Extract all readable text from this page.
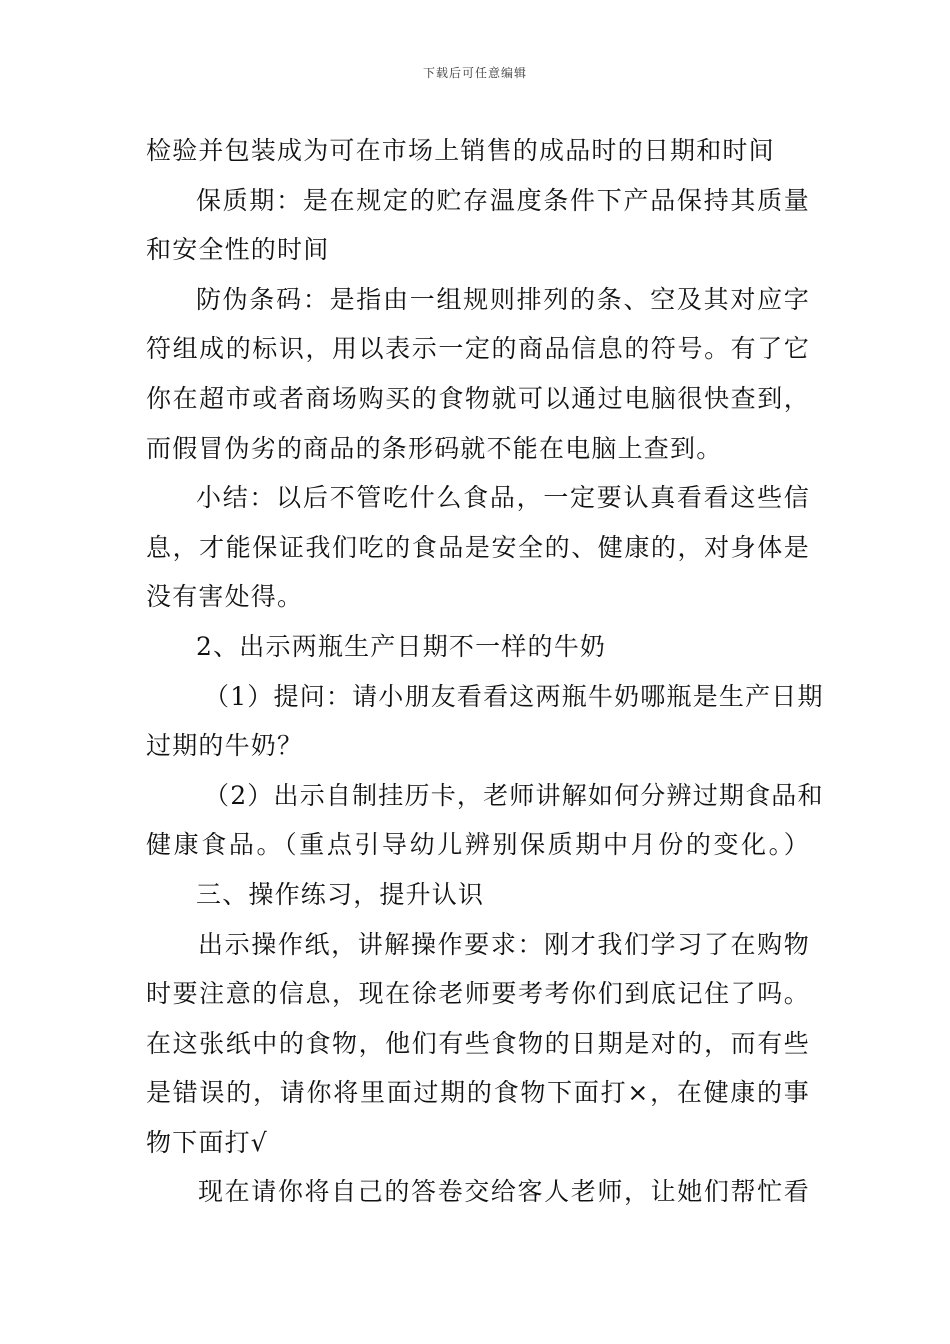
下载后可任意编辑
检验并包装成为可在市场上销售的成品时的日期和时间
保质期：是在规定的贮存温度条件下产品保持其质量
和安全性的时间
防伪条码：是指由一组规则排列的条、空及其对应字
符组成的标识，用以表示一定的商品信息的符号。有了它
你在超市或者商场购买的食物就可以通过电脑很快查到，
而假冒伪劣的商品的条形码就不能在电脑上查到。
小结：以后不管吃什么食品，一定要认真看看这些信
息，才能保证我们吃的食品是安全的、健康的，对身体是
没有害处得。
2、出示两瓶生产日期不一样的牛奶
（1）提问：请小朋友看看这两瓶牛奶哪瓶是生产日期
过期的牛奶？
（2）出示自制挂历卡，老师讲解如何分辨过期食品和
健康食品。（重点引导幼儿辨别保质期中月份的变化。）
三、操作练习，提升认识
出示操作纸，讲解操作要求：刚才我们学习了在购物
时要注意的信息，现在徐老师要考考你们到底记住了吗。
在这张纸中的食物，他们有些食物的日期是对的，而有些
是错误的，请你将里面过期的食物下面打×，在健康的事
物下面打√
现在请你将自己的答卷交给客人老师，让她们帮忙看
